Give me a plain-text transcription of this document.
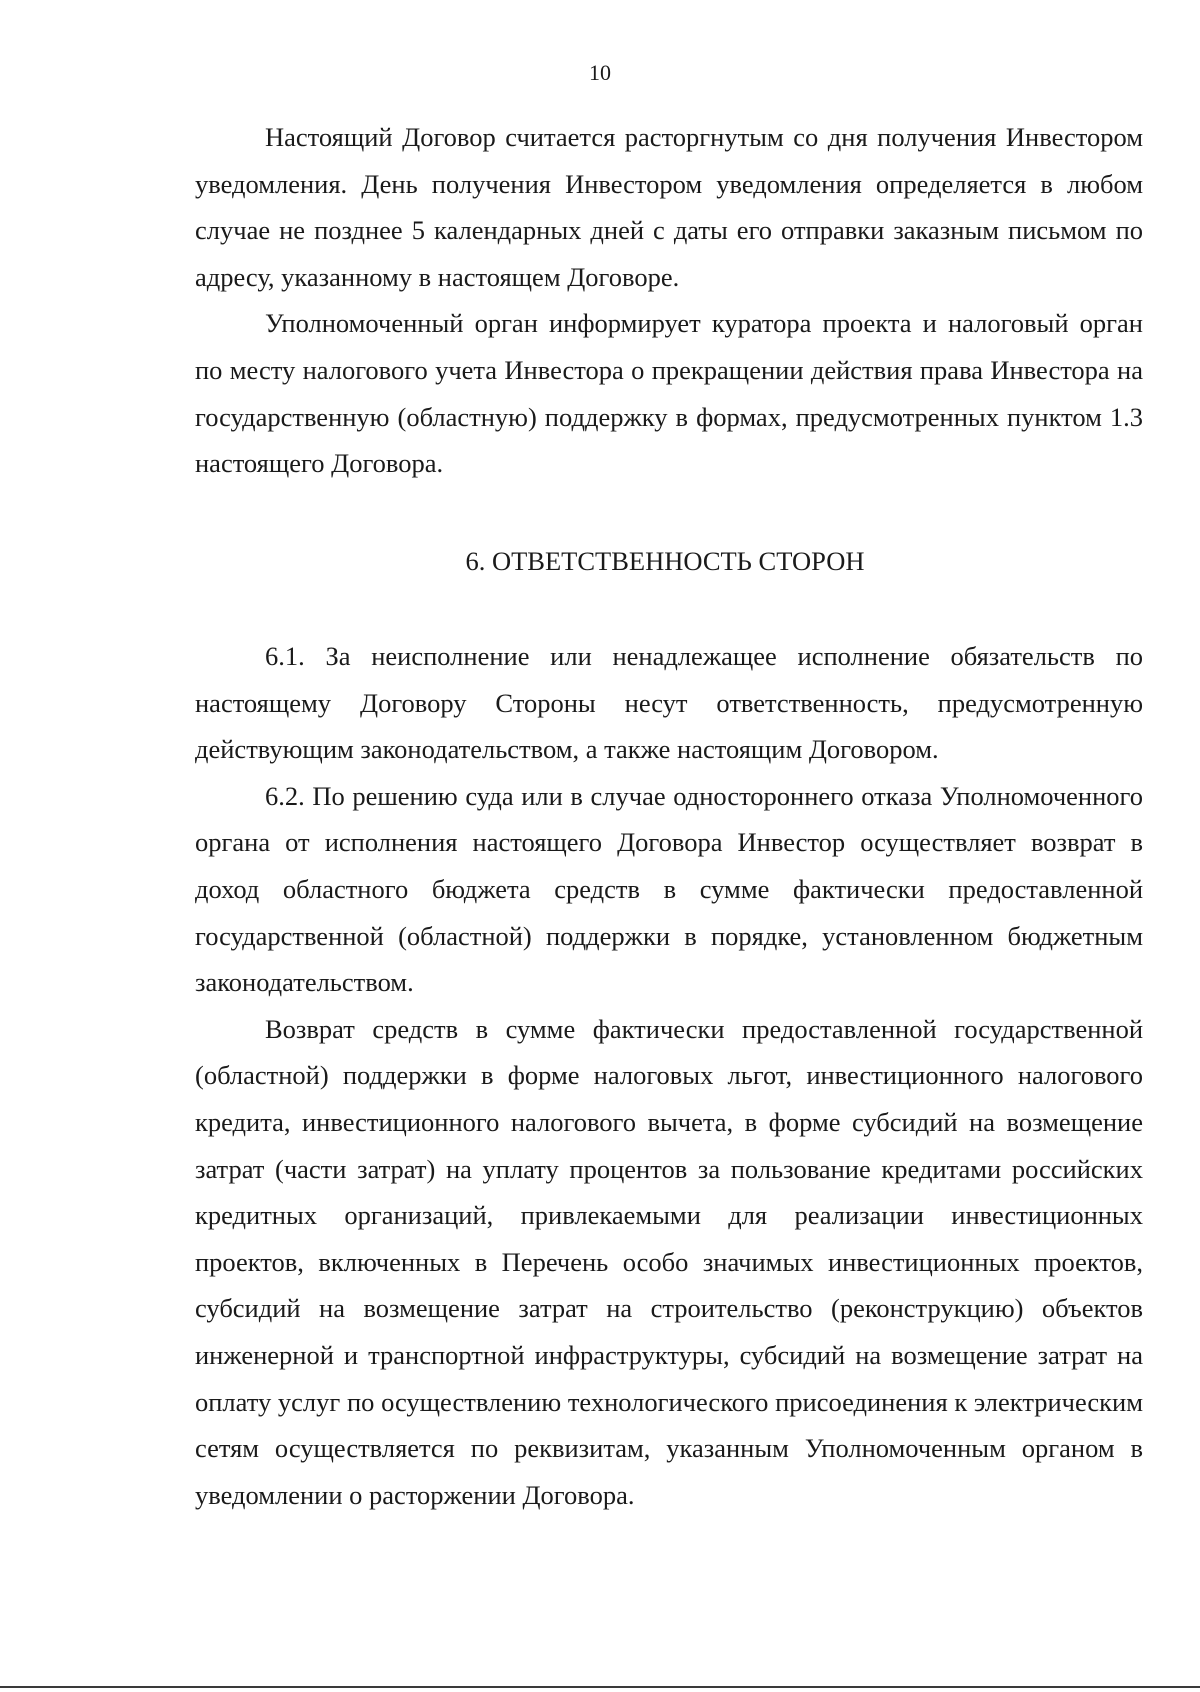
10

Настоящий Договор считается расторгнутым со дня получения Инвестором уведомления. День получения Инвестором уведомления определяется в любом случае не позднее 5 календарных дней с даты его отправки заказным письмом по адресу, указанному в настоящем Договоре.

Уполномоченный орган информирует куратора проекта и налоговый орган по месту налогового учета Инвестора о прекращении действия права Инвестора на государственную (областную) поддержку в формах, предусмотренных пунктом 1.3 настоящего Договора.

6. ОТВЕТСТВЕННОСТЬ СТОРОН

6.1. За неисполнение или ненадлежащее исполнение обязательств по настоящему Договору Стороны несут ответственность, предусмотренную действующим законодательством, а также настоящим Договором.

6.2. По решению суда или в случае одностороннего отказа Уполномоченного органа от исполнения настоящего Договора Инвестор осуществляет возврат в доход областного бюджета средств в сумме фактически предоставленной государственной (областной) поддержки в порядке, установленном бюджетным законодательством.

Возврат средств в сумме фактически предоставленной государственной (областной) поддержки в форме налоговых льгот, инвестиционного налогового кредита, инвестиционного налогового вычета, в форме субсидий на возмещение затрат (части затрат) на уплату процентов за пользование кредитами российских кредитных организаций, привлекаемыми для реализации инвестиционных проектов, включенных в Перечень особо значимых инвестиционных проектов, субсидий на возмещение затрат на строительство (реконструкцию) объектов инженерной и транспортной инфраструктуры, субсидий на возмещение затрат на оплату услуг по осуществлению технологического присоединения к электрическим сетям осуществляется по реквизитам, указанным Уполномоченным органом в уведомлении о расторжении Договора.
